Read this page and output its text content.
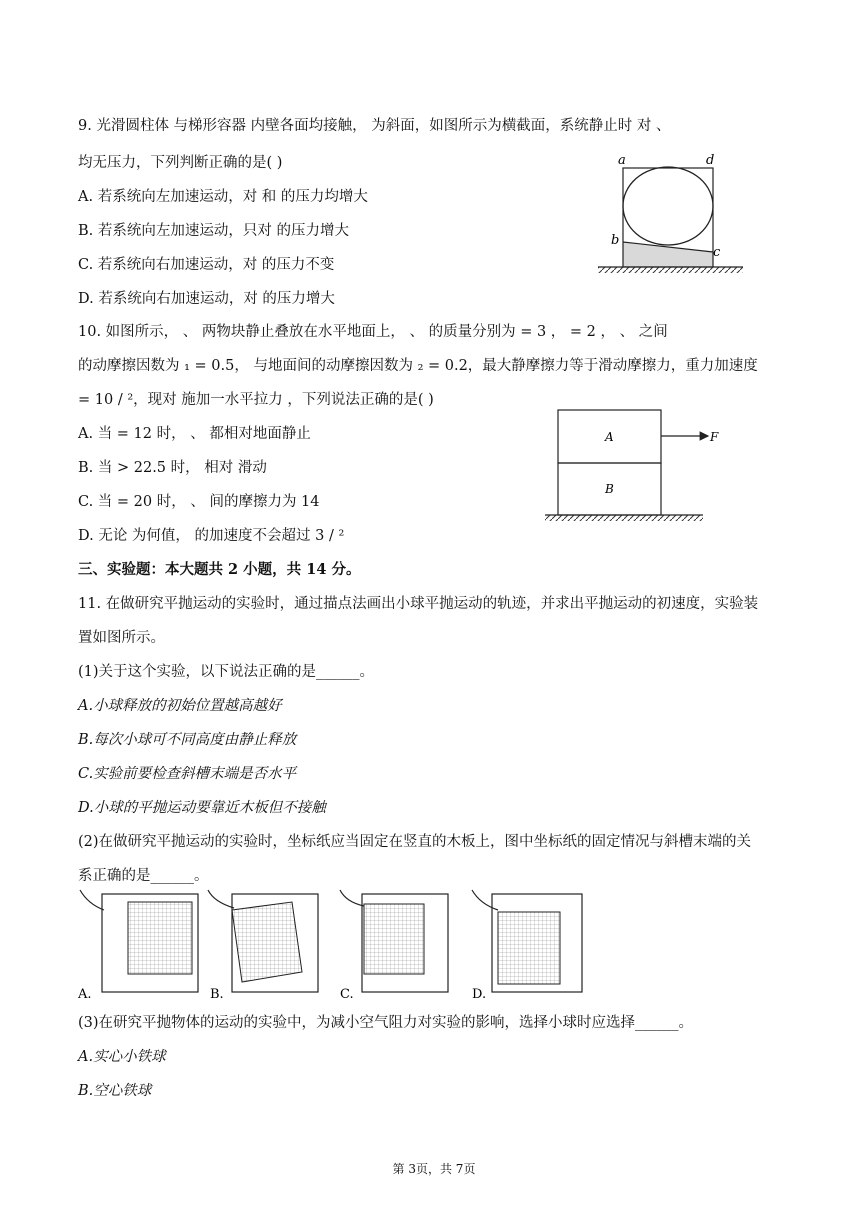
9. 光滑圆柱体 与梯形容器 内壁各面均接触， 为斜面，如图所示为横截面，系统静止时 对 、
均无压力，下列判断正确的是( )
A. 若系统向左加速运动，对 和 的压力均增大
B. 若系统向左加速运动，只对 的压力增大
C. 若系统向右加速运动，对 的压力不变
D. 若系统向右加速运动，对 的压力增大
a	d
b
c
10. 如图所示， 、 两物块静止叠放在水平地面上， 、 的质量分别为 = 3 ， = 2 ， 、 之间
的动摩擦因数为 ₁ = 0.5， 与地面间的动摩擦因数为 ₂ = 0.2，最大静摩擦力等于滑动摩擦力，重力加速度
= 10 / ²，现对 施加一水平拉力 ，下列说法正确的是( )
A. 当 = 12 时， 、 都相对地面静止
B. 当 > 22.5 时， 相对 滑动
C. 当 = 20 时， 、 间的摩擦力为 14
D. 无论 为何值， 的加速度不会超过 3 / ²
A
B
F
三、实验题：本大题共 2 小题，共 14 分。
11. 在做研究平抛运动的实验时，通过描点法画出小球平抛运动的轨迹，并求出平抛运动的初速度，实验装
置如图所示。
(1)关于这个实验，以下说法正确的是______。
A.小球释放的初始位置越高越好
B.每次小球可不同高度由静止释放
C.实验前要检查斜槽末端是否水平
D.小球的平抛运动要靠近木板但不接触
(2)在做研究平抛运动的实验时，坐标纸应当固定在竖直的木板上，图中坐标纸的固定情况与斜槽末端的关
系正确的是______。
A.	B.	C.	D.
(3)在研究平抛物体的运动的实验中，为减小空气阻力对实验的影响，选择小球时应选择______。
A.实心小铁球
B.空心铁球
第 3页，共 7页
